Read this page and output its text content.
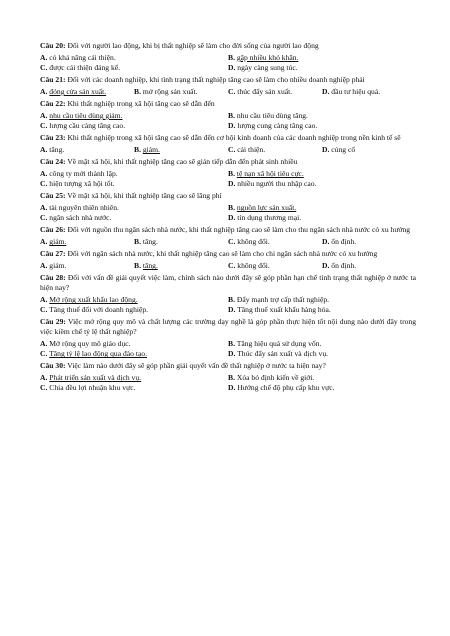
Câu 20: Đối với người lao động, khi bị thất nghiệp sẽ làm cho đời sống của người lao động
A. có khả năng cải thiện.	B. gặp nhiều khó khăn.
C. được cải thiện đáng kể.	D. ngày càng sung túc.
Câu 21: Đối với các doanh nghiệp, khi tình trạng thất nghiệp tăng cao sẽ làm cho nhiều doanh nghiệp phải
A. đóng cửa sản xuất.	B. mở rộng sản xuất.	C. thúc đẩy sản xuất.	D. đầu tư hiệu quả.
Câu 22: Khi thất nghiệp trong xã hội tăng cao sẽ dẫn đến
A. nhu cầu tiêu dùng giảm.	B. nhu cầu tiêu dùng tăng.
C. lượng cầu càng tăng cao.	D. lượng cung càng tăng cao.
Câu 23: Khi thất nghiệp trong xã hội tăng cao sẽ dẫn đến cơ hội kinh doanh của các doanh nghiệp trong nền kinh tế sẽ
A. tăng.	B. giảm.	C. cải thiện.	D. củng cố
Câu 24: Về mặt xã hội, khi thất nghiệp tăng cao sẽ gián tiếp dẫn đến phát sinh nhiều
A. công ty mới thành lập.	B. tệ nạn xã hội tiêu cực.
C. hiện tượng xã hội tốt.	D. nhiều người thu nhập cao.
Câu 25: Về mặt xã hội, khi thất nghiệp tăng cao sẽ lãng phí
A. tài nguyên thiên nhiên.	B. nguồn lực sản xuất.
C. ngân sách nhà nước.	D. tín dụng thương mại.
Câu 26: Đối với nguồn thu ngân sách nhà nước, khi thất nghiệp tăng cao sẽ làm cho thu ngân sách nhà nước có xu hướng
A. giảm.	B. tăng.	C. không đổi.	D. ổn định.
Câu 27: Đối với ngân sách nhà nước, khi thất nghiệp tăng cao sẽ làm cho chi ngân sách nhà nước có xu hướng
A. giảm.	B. tăng.	C. không đổi.	D. ổn định.
Câu 28: Đối với vấn đề giải quyết việc làm, chính sách nào dưới đây sẽ góp phần hạn chế tình trạng thất nghiệp ở nước ta hiện nay?
A. Mở rộng xuất khẩu lao động.	B. Đẩy mạnh trợ cấp thất nghiệp.
C. Tăng thuế đối với doanh nghiệp.	D. Tăng thuế xuất khẩu hàng hóa.
Câu 29: Việc mở rộng quy mô và chất lượng các trường dạy nghề là góp phần thực hiện tốt nội dung nào dưới đây trong việc kiềm chế tỷ lệ thất nghiệp?
A. Mở rộng quy mô giáo dục.	B. Tăng hiệu quả sử dụng vốn.
C. Tăng tỷ lệ lao động qua đào tạo.	D. Thúc đẩy sản xuất và dịch vụ.
Câu 30: Việc làm nào dưới đây sẽ góp phần giải quyết vấn đề thất nghiệp ở nước ta hiện nay?
A. Phát triển sản xuất và dịch vụ.	B. Xóa bỏ định kiến về giới.
C. Chia đều lợi nhuận khu vực.	D. Hướng chế độ phụ cấp khu vực.
